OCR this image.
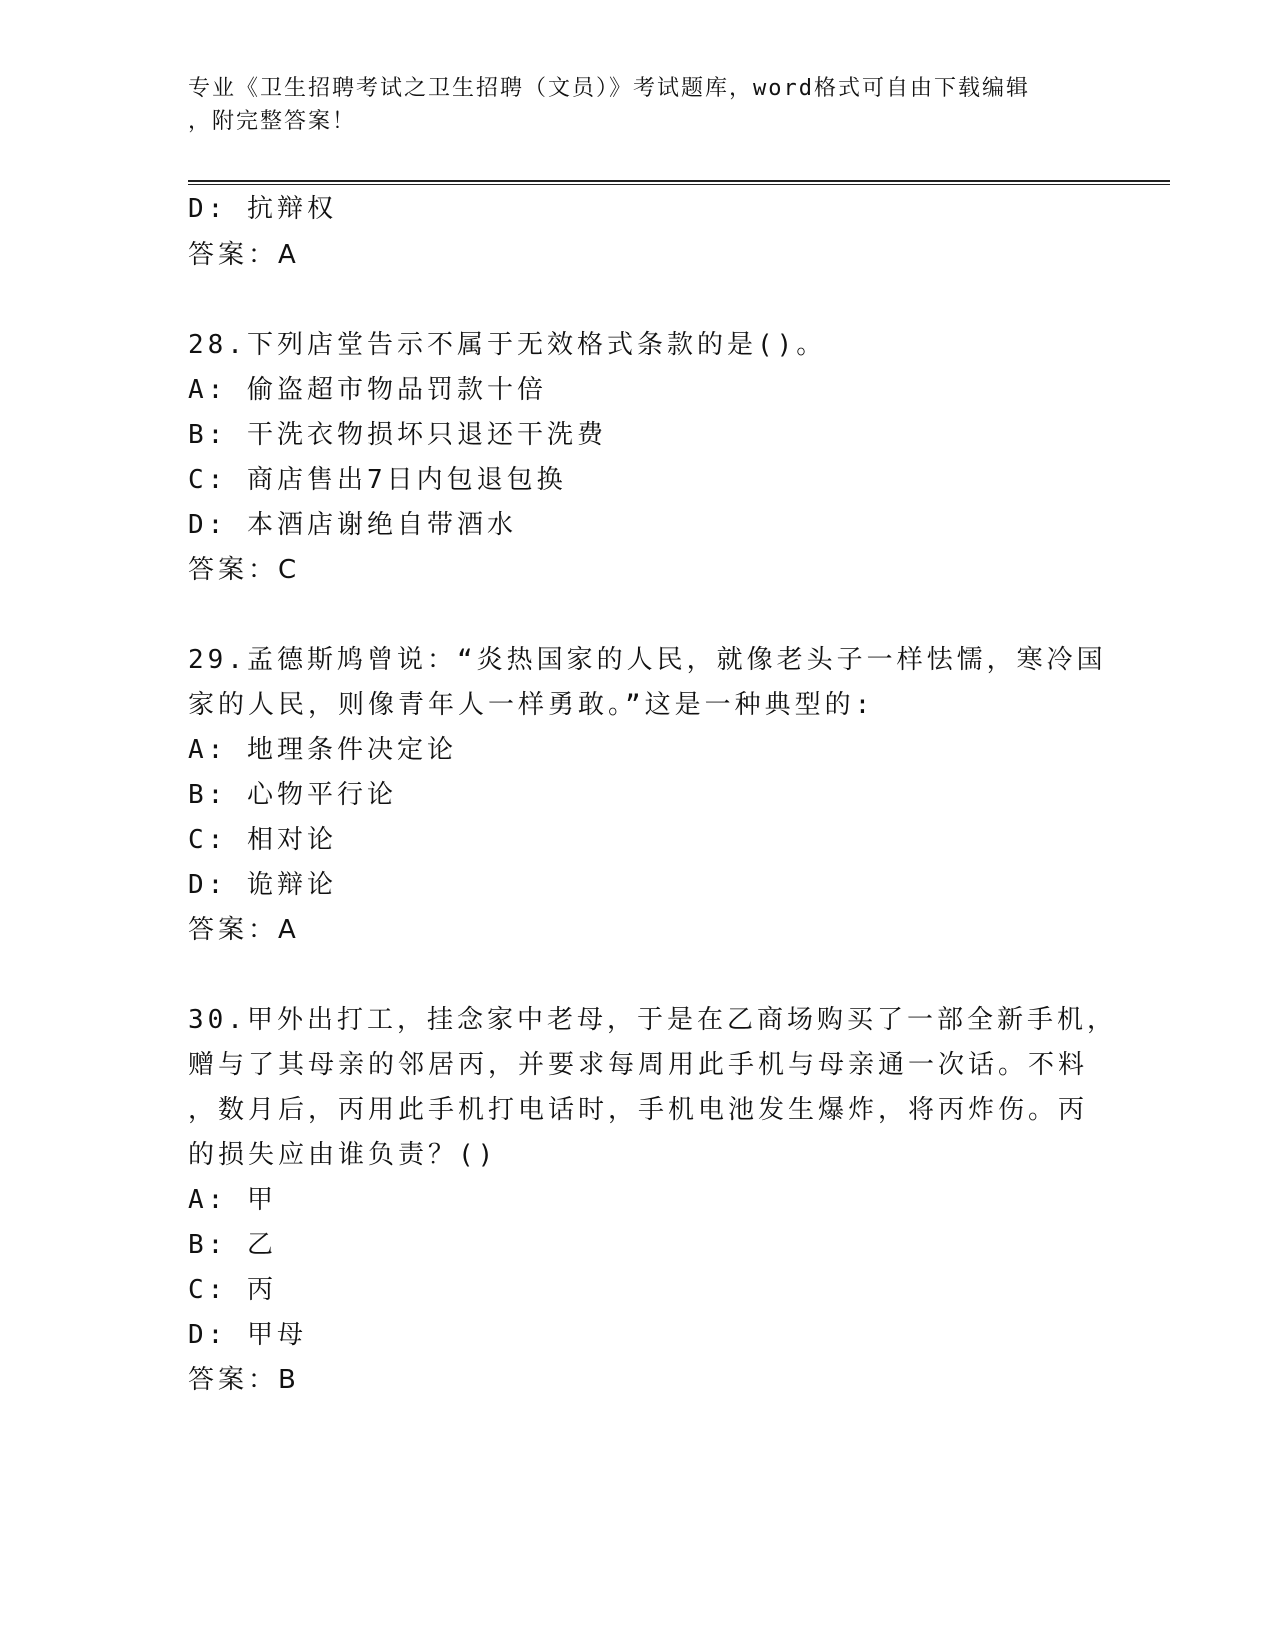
专业《卫生招聘考试之卫生招聘（文员）》考试题库，word格式可自由下载编辑
，附完整答案！
D: 抗辩权
答案：A
28.下列店堂告示不属于无效格式条款的是()。
A: 偷盗超市物品罚款十倍
B: 干洗衣物损坏只退还干洗费
C: 商店售出7日内包退包换
D: 本酒店谢绝自带酒水
答案：C
29.孟德斯鸠曾说：“炎热国家的人民，就像老头子一样怯懦，寒冷国
家的人民，则像青年人一样勇敢。”这是一种典型的:
A: 地理条件决定论
B: 心物平行论
C: 相对论
D: 诡辩论
答案：A
30.甲外出打工，挂念家中老母，于是在乙商场购买了一部全新手机，
赠与了其母亲的邻居丙，并要求每周用此手机与母亲通一次话。不料
，数月后，丙用此手机打电话时，手机电池发生爆炸，将丙炸伤。丙
的损失应由谁负责？()
A: 甲
B: 乙
C: 丙
D: 甲母
答案：B
